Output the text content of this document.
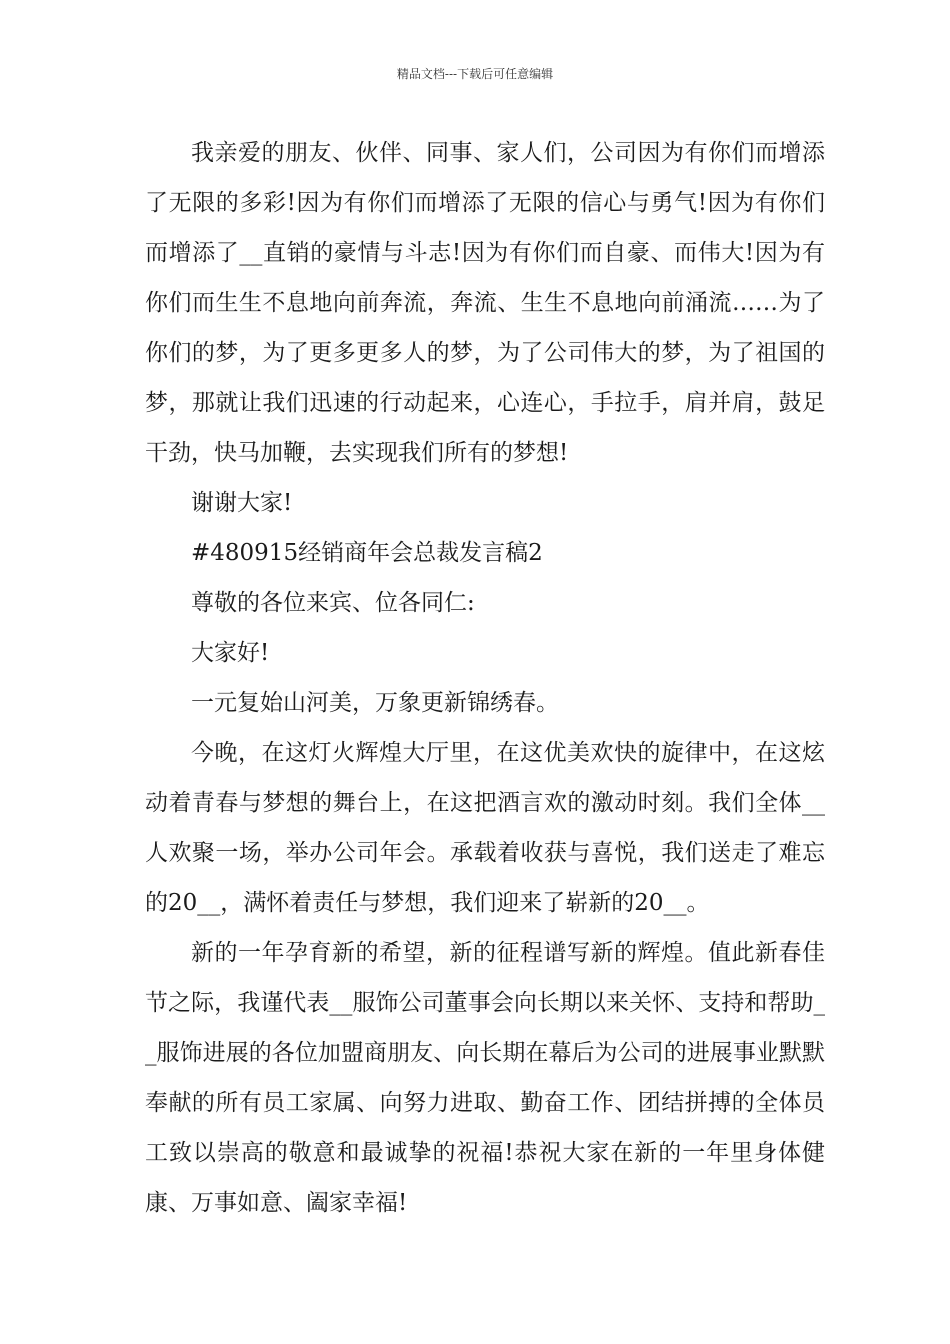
精品文档---下载后可任意编辑

我亲爱的朋友、伙伴、同事、家人们，公司因为有你们而增添了无限的多彩!因为有你们而增添了无限的信心与勇气!因为有你们而增添了__直销的豪情与斗志!因为有你们而自豪、而伟大!因为有你们而生生不息地向前奔流，奔流、生生不息地向前涌流……为了你们的梦，为了更多更多人的梦，为了公司伟大的梦，为了祖国的梦，那就让我们迅速的行动起来，心连心，手拉手，肩并肩，鼓足干劲，快马加鞭，去实现我们所有的梦想!

谢谢大家!

#480915经销商年会总裁发言稿2

尊敬的各位来宾、位各同仁:

大家好!

一元复始山河美，万象更新锦绣春。

今晚，在这灯火辉煌大厅里，在这优美欢快的旋律中，在这炫动着青春与梦想的舞台上，在这把酒言欢的激动时刻。我们全体__人欢聚一场，举办公司年会。承载着收获与喜悦，我们送走了难忘的20__，满怀着责任与梦想，我们迎来了崭新的20__。

新的一年孕育新的希望，新的征程谱写新的辉煌。值此新春佳节之际，我谨代表__服饰公司董事会向长期以来关怀、支持和帮助__服饰进展的各位加盟商朋友、向长期在幕后为公司的进展事业默默奉献的所有员工家属、向努力进取、勤奋工作、团结拼搏的全体员工致以崇高的敬意和最诚挚的祝福!恭祝大家在新的一年里身体健康、万事如意、阖家幸福!
